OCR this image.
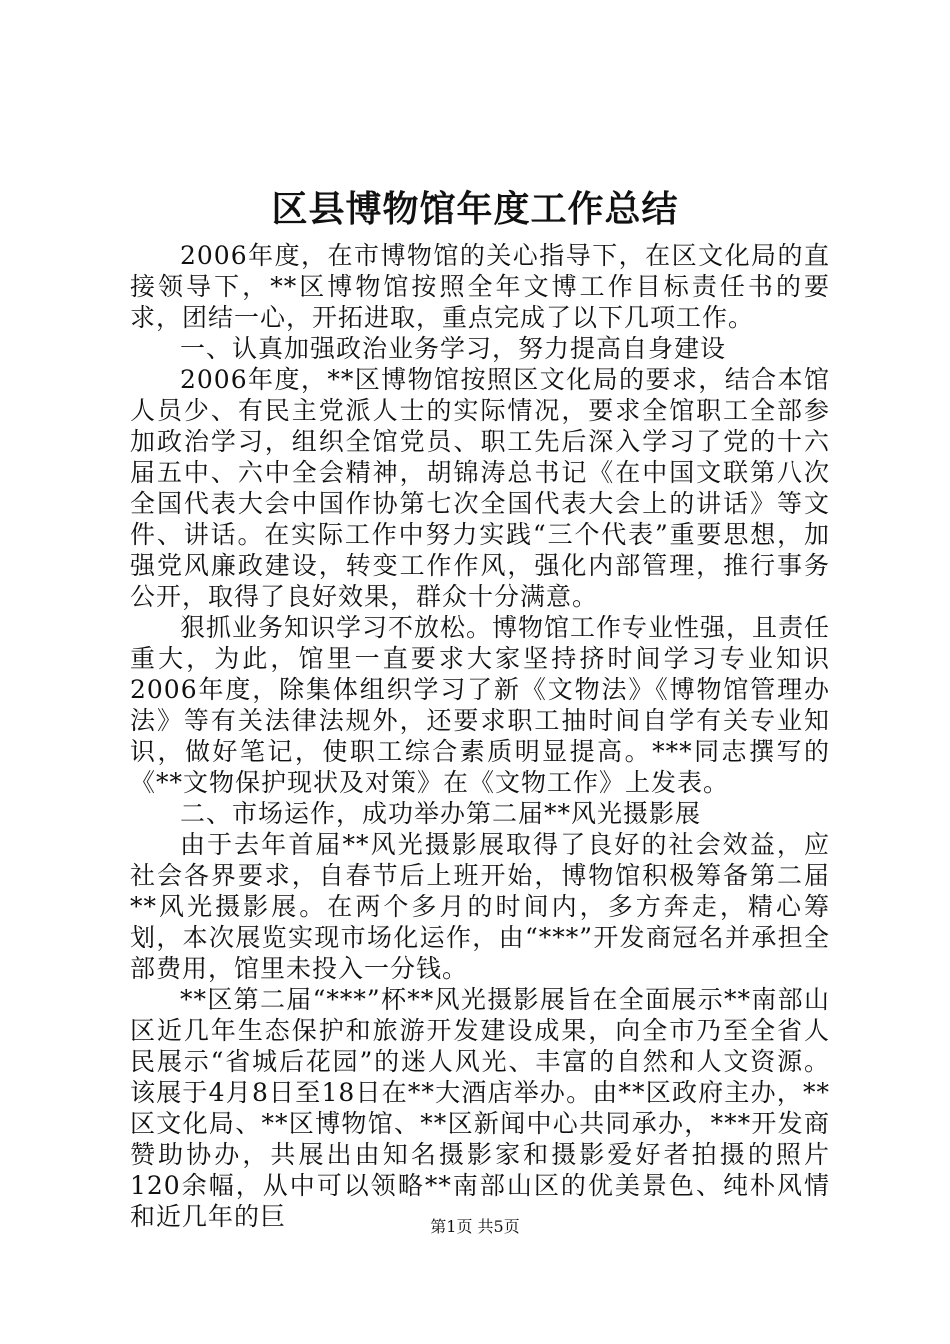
区县博物馆年度工作总结

2006年度，在市博物馆的关心指导下，在区文化局的直接领导下，**区博物馆按照全年文博工作目标责任书的要求，团结一心，开拓进取，重点完成了以下几项工作。

一、认真加强政治业务学习，努力提高自身建设

2006年度，**区博物馆按照区文化局的要求，结合本馆人员少、有民主党派人士的实际情况，要求全馆职工全部参加政治学习，组织全馆党员、职工先后深入学习了党的十六届五中、六中全会精神，胡锦涛总书记《在中国文联第八次全国代表大会中国作协第七次全国代表大会上的讲话》等文件、讲话。在实际工作中努力实践“三个代表”重要思想，加强党风廉政建设，转变工作作风，强化内部管理，推行事务公开，取得了良好效果，群众十分满意。

狠抓业务知识学习不放松。博物馆工作专业性强，且责任重大，为此，馆里一直要求大家坚持挤时间学习专业知识2006年度，除集体组织学习了新《文物法》《博物馆管理办法》等有关法律法规外，还要求职工抽时间自学有关专业知识，做好笔记，使职工综合素质明显提高。***同志撰写的《**文物保护现状及对策》在《文物工作》上发表。

二、市场运作，成功举办第二届**风光摄影展

由于去年首届**风光摄影展取得了良好的社会效益，应社会各界要求，自春节后上班开始，博物馆积极筹备第二届**风光摄影展。在两个多月的时间内，多方奔走，精心筹划，本次展览实现市场化运作，由“***”开发商冠名并承担全部费用，馆里未投入一分钱。

**区第二届“***”杯**风光摄影展旨在全面展示**南部山区近几年生态保护和旅游开发建设成果，向全市乃至全省人民展示“省城后花园”的迷人风光、丰富的自然和人文资源。该展于4月8日至18日在**大酒店举办。由**区政府主办，**区文化局、**区博物馆、**区新闻中心共同承办，***开发商赞助协办，共展出由知名摄影家和摄影爱好者拍摄的照片120余幅，从中可以领略**南部山区的优美景色、纯朴风情和近几年的巨	第1页 共5页
